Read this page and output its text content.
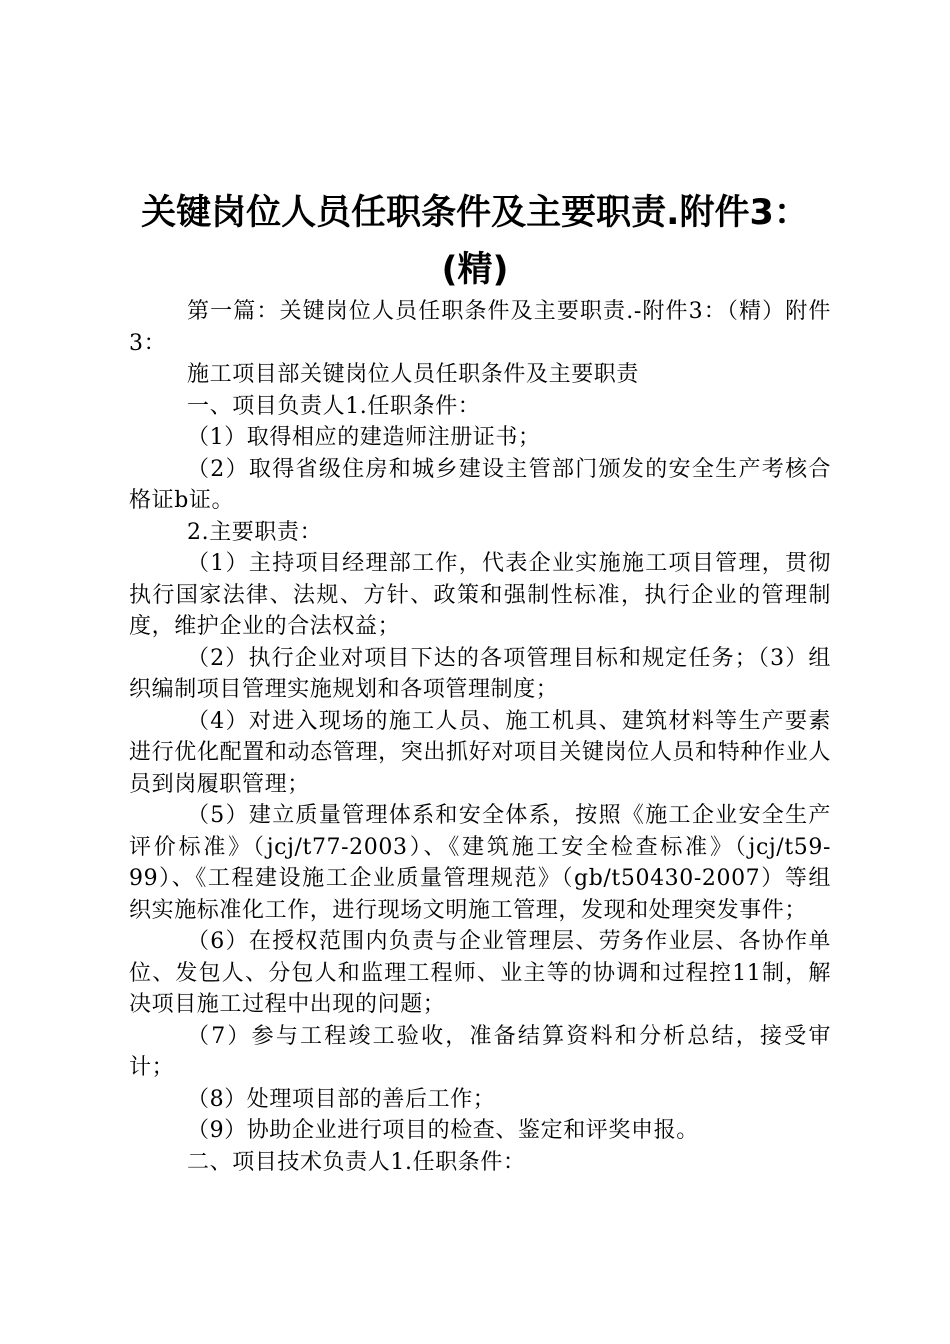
关键岗位人员任职条件及主要职责.附件3：
(精)

第一篇：关键岗位人员任职条件及主要职责.-附件3：（精）附件3：

施工项目部关键岗位人员任职条件及主要职责

一、项目负责人1.任职条件：

（1）取得相应的建造师注册证书；

（2）取得省级住房和城乡建设主管部门颁发的安全生产考核合格证b证。

2.主要职责：

（1）主持项目经理部工作，代表企业实施施工项目管理，贯彻执行国家法律、法规、方针、政策和强制性标准，执行企业的管理制度，维护企业的合法权益；

（2）执行企业对项目下达的各项管理目标和规定任务；（3）组织编制项目管理实施规划和各项管理制度；

（4）对进入现场的施工人员、施工机具、建筑材料等生产要素进行优化配置和动态管理，突出抓好对项目关键岗位人员和特种作业人员到岗履职管理；

（5）建立质量管理体系和安全体系，按照《施工企业安全生产评价标准》（jcj/t77-2003）、《建筑施工安全检查标准》（jcj/t59-99）、《工程建设施工企业质量管理规范》（gb/t50430-2007）等组织实施标准化工作，进行现场文明施工管理，发现和处理突发事件；

（6）在授权范围内负责与企业管理层、劳务作业层、各协作单位、发包人、分包人和监理工程师、业主等的协调和过程控11制，解决项目施工过程中出现的问题；

（7）参与工程竣工验收，准备结算资料和分析总结，接受审计；

（8）处理项目部的善后工作；

（9）协助企业进行项目的检查、鉴定和评奖申报。

二、项目技术负责人1.任职条件：
